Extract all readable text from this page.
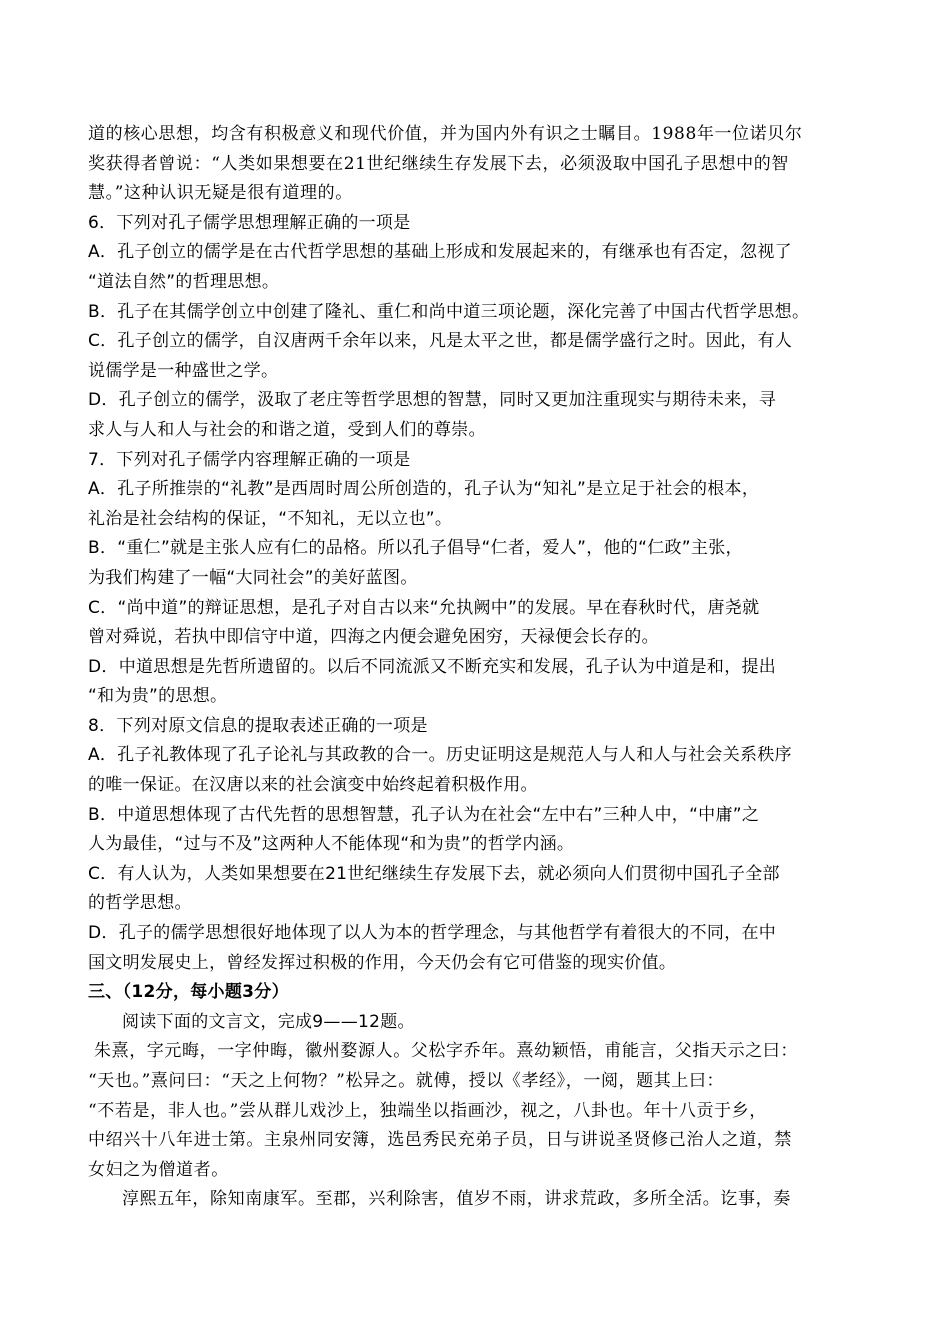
道的核心思想，均含有积极意义和现代价值，并为国内外有识之士瞩目。1988年一位诺贝尔
奖获得者曾说：“人类如果想要在21世纪继续生存发展下去，必须汲取中国孔子思想中的智
慧。”这种认识无疑是很有道理的。
6．下列对孔子儒学思想理解正确的一项是
A．孔子创立的儒学是在古代哲学思想的基础上形成和发展起来的，有继承也有否定，忽视了
“道法自然”的哲理思想。
B．孔子在其儒学创立中创建了隆礼、重仁和尚中道三项论题，深化完善了中国古代哲学思想。
C．孔子创立的儒学，自汉唐两千余年以来，凡是太平之世，都是儒学盛行之时。因此，有人
说儒学是一种盛世之学。
D．孔子创立的儒学，汲取了老庄等哲学思想的智慧，同时又更加注重现实与期待未来，寻
求人与人和人与社会的和谐之道，受到人们的尊崇。
7．下列对孔子儒学内容理解正确的一项是
A．孔子所推崇的“礼教”是西周时周公所创造的，孔子认为“知礼”是立足于社会的根本，
礼治是社会结构的保证，“不知礼，无以立也”。
B．“重仁”就是主张人应有仁的品格。所以孔子倡导“仁者，爱人”，他的“仁政”主张，
为我们构建了一幅“大同社会”的美好蓝图。
C．“尚中道”的辩证思想，是孔子对自古以来“允执阙中”的发展。早在春秋时代，唐尧就
曾对舜说，若执中即信守中道，四海之内便会避免困穷，天禄便会长存的。
D．中道思想是先哲所遗留的。以后不同流派又不断充实和发展，孔子认为中道是和，提出
“和为贵”的思想。
8．下列对原文信息的提取表述正确的一项是
A．孔子礼教体现了孔子论礼与其政教的合一。历史证明这是规范人与人和人与社会关系秩序
的唯一保证。在汉唐以来的社会演变中始终起着积极作用。
B．中道思想体现了古代先哲的思想智慧，孔子认为在社会“左中右”三种人中，“中庸”之
人为最佳，“过与不及”这两种人不能体现“和为贵”的哲学内涵。
C．有人认为，人类如果想要在21世纪继续生存发展下去，就必须向人们贯彻中国孔子全部
的哲学思想。
D．孔子的儒学思想很好地体现了以人为本的哲学理念，与其他哲学有着很大的不同，在中
国文明发展史上，曾经发挥过积极的作用，今天仍会有它可借鉴的现实价值。
三、（12分，每小题3分）
阅读下面的文言文，完成9——12题。
朱熹，字元晦，一字仲晦，徽州婺源人。父松字乔年。熹幼颖悟，甫能言，父指天示之曰：
“天也。”熹问曰：“天之上何物？”松异之。就傅，授以《孝经》，一阅，题其上曰：
“不若是，非人也。”尝从群儿戏沙上，独端坐以指画沙，视之，八卦也。年十八贡于乡，
中绍兴十八年进士第。主泉州同安簿，选邑秀民充弟子员，日与讲说圣贤修己治人之道，禁
女妇之为僧道者。
淳熙五年，除知南康军。至郡，兴利除害，值岁不雨，讲求荒政，多所全活。讫事，奏
